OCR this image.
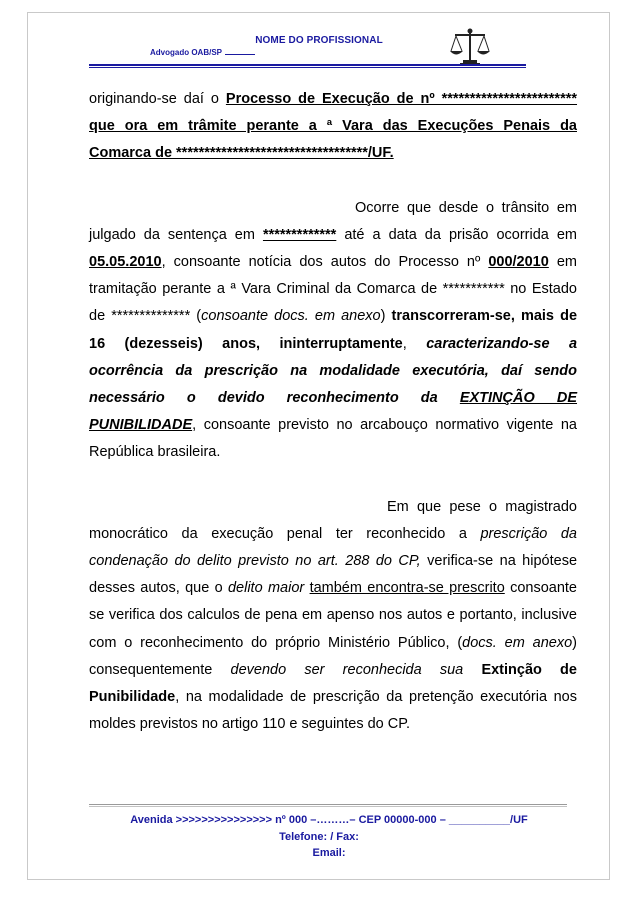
NOME DO PROFISSIONAL
Advogado OAB/SP

originando-se daí o Processo de Execução de nº ************************ que ora em trâmite perante a ª Vara das Execuções Penais da Comarca de **********************************/UF.

Ocorre que desde o trânsito em julgado da sentença em ************* até a data da prisão ocorrida em 05.05.2010, consoante notícia dos autos do Processo nº 000/2010 em tramitação perante a ª Vara Criminal da Comarca de *********** no Estado de ************** (consoante docs. em anexo) transcorreram-se, mais de 16 (dezesseis) anos, ininterruptamente, caracterizando-se a ocorrência da prescrição na modalidade executória, daí sendo necessário o devido reconhecimento da EXTINÇÃO DE PUNIBILIDADE, consoante previsto no arcabouço normativo vigente na República brasileira.

Em que pese o magistrado monocrático da execução penal ter reconhecido a prescrição da condenação do delito previsto no art. 288 do CP, verifica-se na hipótese desses autos, que o delito maior também encontra-se prescrito consoante se verifica dos calculos de pena em apenso nos autos e portanto, inclusive com o reconhecimento do próprio Ministério Público, (docs. em anexo) consequentemente devendo ser reconhecida sua Extinção de Punibilidade, na modalidade de prescrição da pretenção executória nos moldes previstos no artigo 110 e seguintes do CP.

Avenida >>>>>>>>>>>>>>> nº 000 –………– CEP 00000-000 – __________/UF
Telefone: / Fax:
Email:
